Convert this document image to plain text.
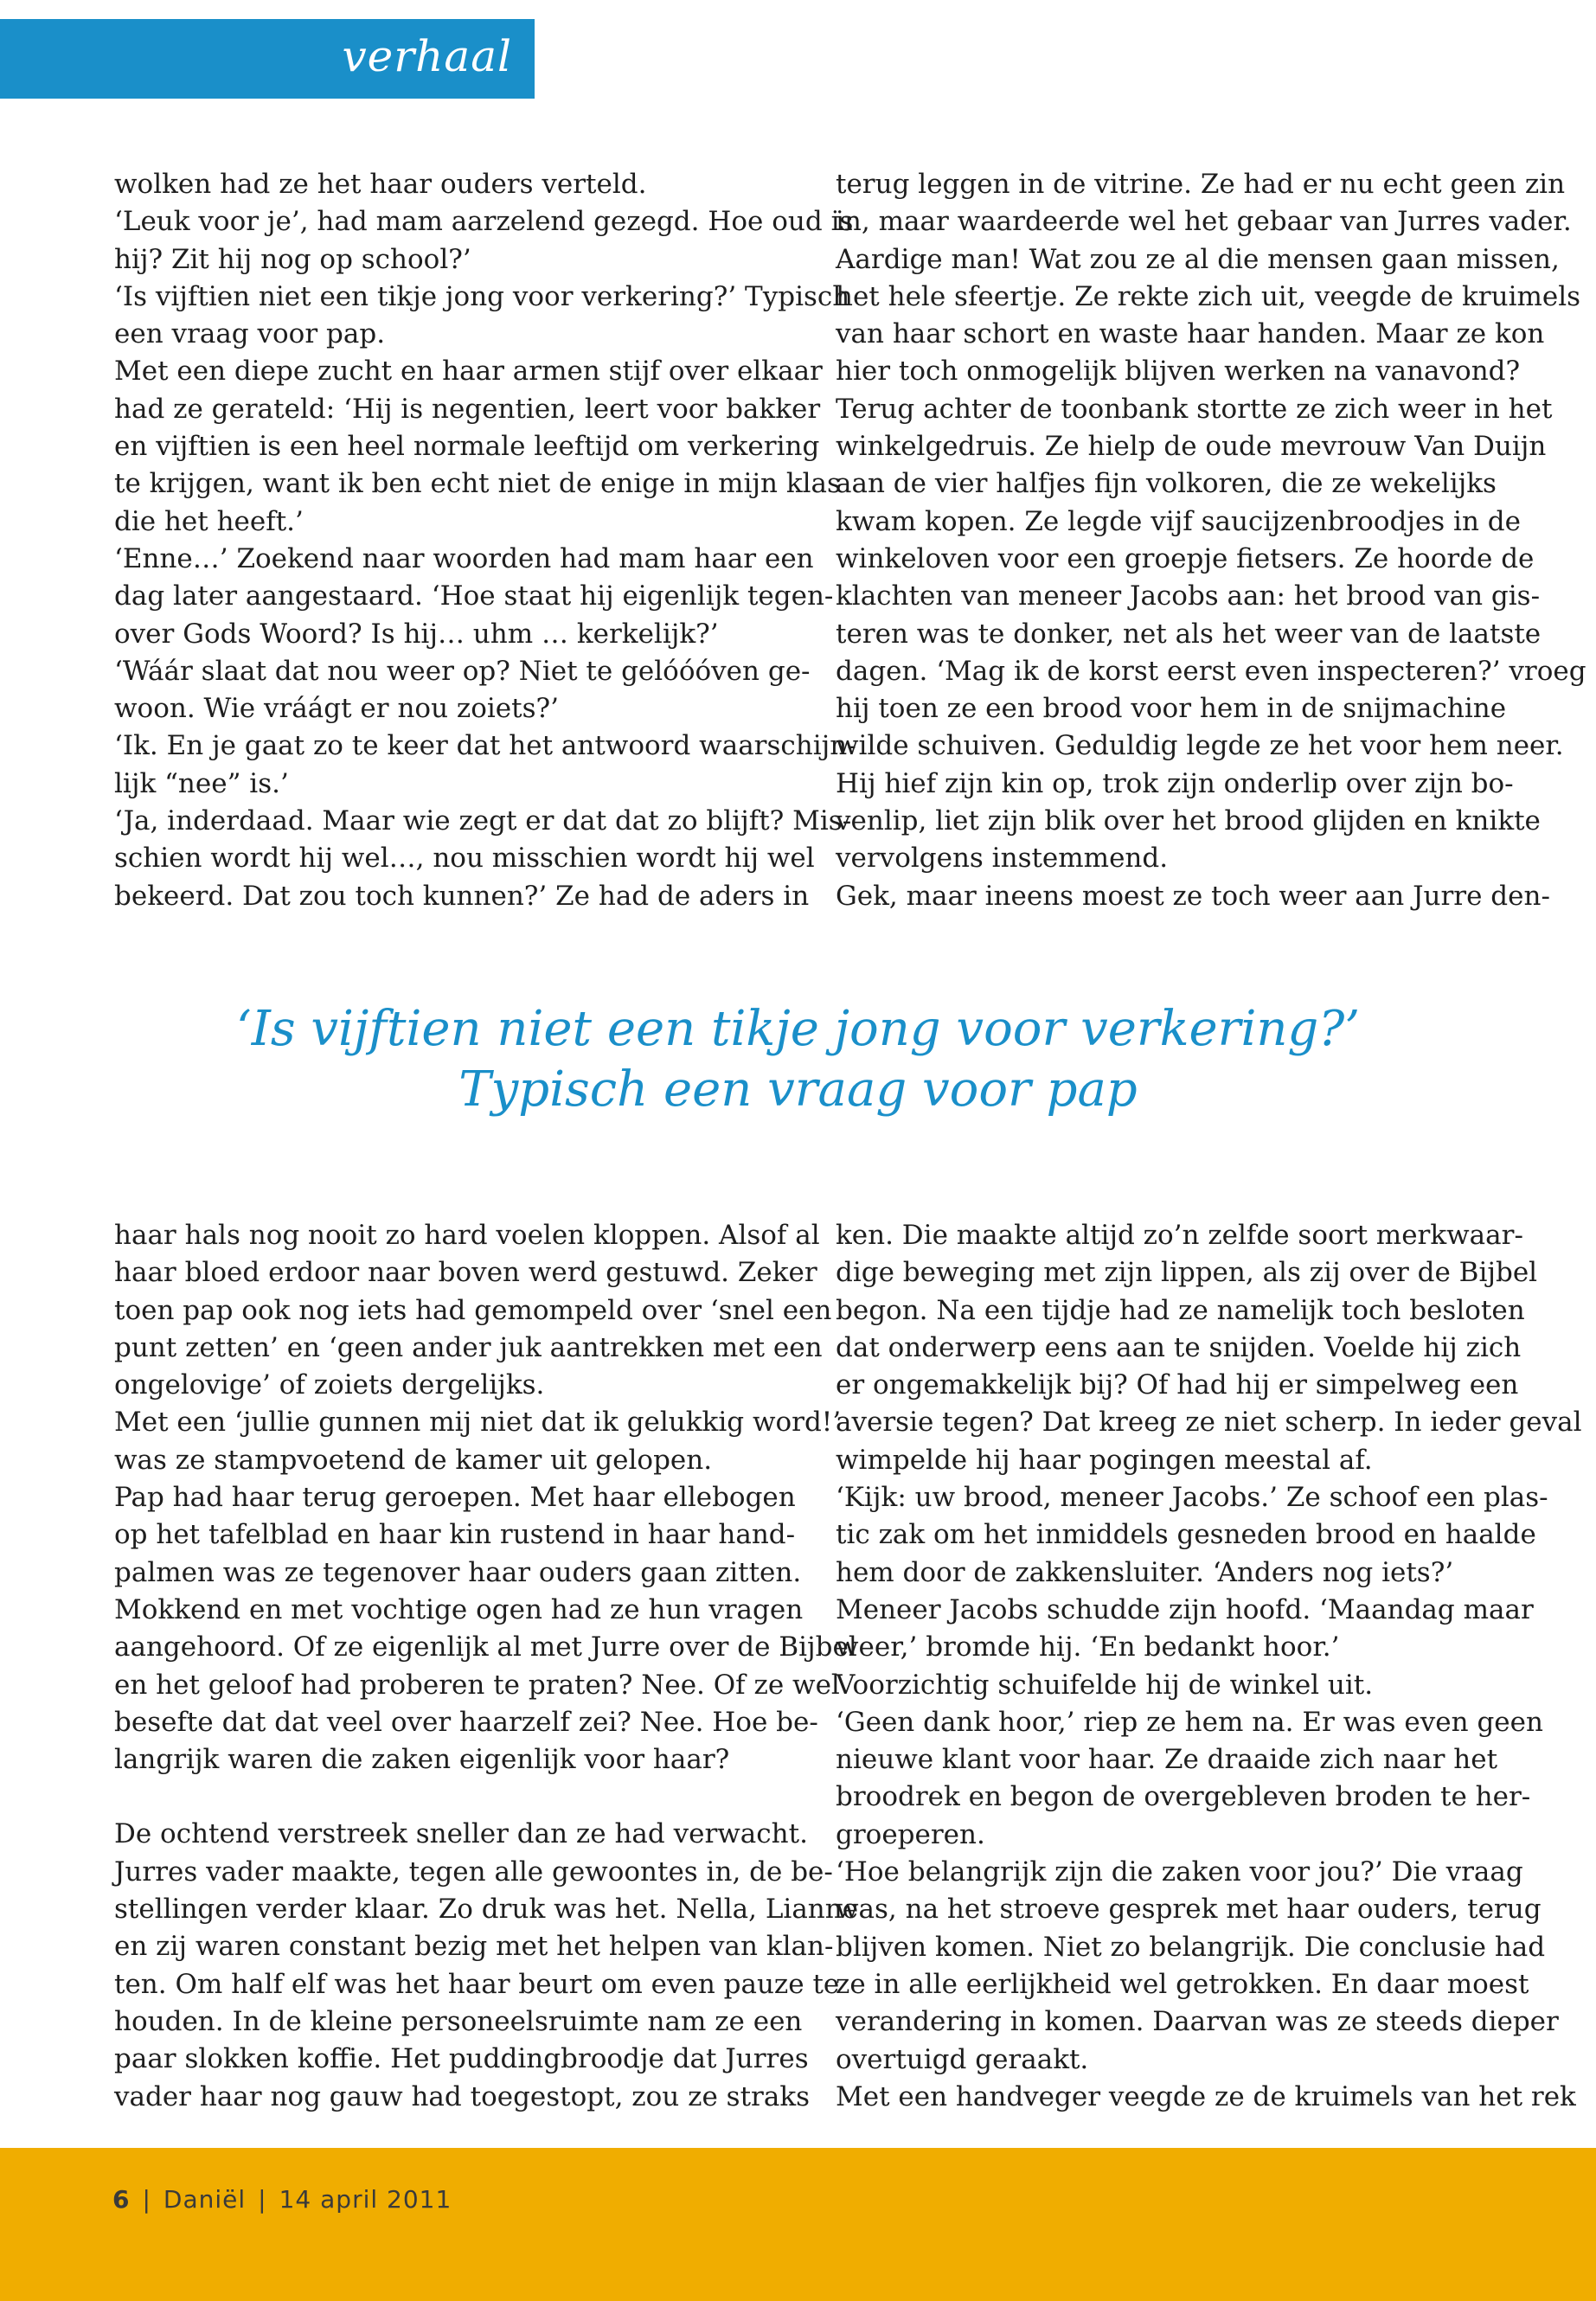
verhaal

wolken had ze het haar ouders verteld.

‘Leuk voor je’, had mam aarzelend gezegd. Hoe oud is

hij? Zit hij nog op school?’

‘Is vijftien niet een tikje jong voor verkering?’ Typisch

een vraag voor pap.

Met een diepe zucht en haar armen stijf over elkaar

had ze gerateld: ‘Hij is negentien, leert voor bakker

en vijftien is een heel normale leeftijd om verkering

te krijgen, want ik ben echt niet de enige in mijn klas

die het heeft.’

‘Enne…’ Zoekend naar woorden had mam haar een

dag later aangestaard. ‘Hoe staat hij eigenlijk tegen-

over Gods Woord? Is hij… uhm … kerkelijk?’

‘Wáár slaat dat nou weer op? Niet te gelóóóven ge-

woon. Wie vráágt er nou zoiets?’

‘Ik. En je gaat zo te keer dat het antwoord waarschijn-

lijk “nee” is.’

‘Ja, inderdaad. Maar wie zegt er dat dat zo blijft? Mis-

schien wordt hij wel…, nou misschien wordt hij wel

bekeerd. Dat zou toch kunnen?’ Ze had de aders in

terug leggen in de vitrine. Ze had er nu echt geen zin

in, maar waardeerde wel het gebaar van Jurres vader.

Aardige man! Wat zou ze al die mensen gaan missen,

het hele sfeertje. Ze rekte zich uit, veegde de kruimels

van haar schort en waste haar handen. Maar ze kon

hier toch onmogelijk blijven werken na vanavond?

Terug achter de toonbank stortte ze zich weer in het

winkelgedruis. Ze hielp de oude mevrouw Van Duijn

aan de vier halfjes fijn volkoren, die ze wekelijks

kwam kopen. Ze legde vijf saucijzenbroodjes in de

winkeloven voor een groepje fietsers. Ze hoorde de

klachten van meneer Jacobs aan: het brood van gis-

teren was te donker, net als het weer van de laatste

dagen. ‘Mag ik de korst eerst even inspecteren?’ vroeg

hij toen ze een brood voor hem in de snijmachine

wilde schuiven. Geduldig legde ze het voor hem neer.

Hij hief zijn kin op, trok zijn onderlip over zijn bo-

venlip, liet zijn blik over het brood glijden en knikte

vervolgens instemmend.

Gek, maar ineens moest ze toch weer aan Jurre den-

‘Is vijftien niet een tikje jong voor verkering?’
Typisch een vraag voor pap

haar hals nog nooit zo hard voelen kloppen. Alsof al

haar bloed erdoor naar boven werd gestuwd. Zeker

toen pap ook nog iets had gemompeld over ‘snel een

punt zetten’ en ‘geen ander juk aantrekken met een

ongelovige’ of zoiets dergelijks.

Met een ‘jullie gunnen mij niet dat ik gelukkig word!’

was ze stampvoetend de kamer uit gelopen.

Pap had haar terug geroepen. Met haar ellebogen

op het tafelblad en haar kin rustend in haar hand-

palmen was ze tegenover haar ouders gaan zitten.

Mokkend en met vochtige ogen had ze hun vragen

aangehoord. Of ze eigenlijk al met Jurre over de Bijbel

en het geloof had proberen te praten? Nee. Of ze wel

besefte dat dat veel over haarzelf zei? Nee. Hoe be-

langrijk waren die zaken eigenlijk voor haar?

De ochtend verstreek sneller dan ze had verwacht.

Jurres vader maakte, tegen alle gewoontes in, de be-

stellingen verder klaar. Zo druk was het. Nella, Lianne

en zij waren constant bezig met het helpen van klan-

ten. Om half elf was het haar beurt om even pauze te

houden. In de kleine personeelsruimte nam ze een

paar slokken koffie. Het puddingbroodje dat Jurres

vader haar nog gauw had toegestopt, zou ze straks

ken. Die maakte altijd zo’n zelfde soort merkwaar-

dige beweging met zijn lippen, als zij over de Bijbel

begon. Na een tijdje had ze namelijk toch besloten

dat onderwerp eens aan te snijden. Voelde hij zich

er ongemakkelijk bij? Of had hij er simpelweg een

aversie tegen? Dat kreeg ze niet scherp. In ieder geval

wimpelde hij haar pogingen meestal af.

‘Kijk: uw brood, meneer Jacobs.’ Ze schoof een plas-

tic zak om het inmiddels gesneden brood en haalde

hem door de zakkensluiter. ‘Anders nog iets?’

Meneer Jacobs schudde zijn hoofd. ‘Maandag maar

weer,’ bromde hij. ‘En bedankt hoor.’

Voorzichtig schuifelde hij de winkel uit.

‘Geen dank hoor,’ riep ze hem na. Er was even geen

nieuwe klant voor haar. Ze draaide zich naar het

broodrek en begon de overgebleven broden te her-

groeperen.

‘Hoe belangrijk zijn die zaken voor jou?’ Die vraag

was, na het stroeve gesprek met haar ouders, terug

blijven komen. Niet zo belangrijk. Die conclusie had

ze in alle eerlijkheid wel getrokken. En daar moest

verandering in komen. Daarvan was ze steeds dieper

overtuigd geraakt.

Met een handveger veegde ze de kruimels van het rek

6 | Daniël | 14 april 2011
